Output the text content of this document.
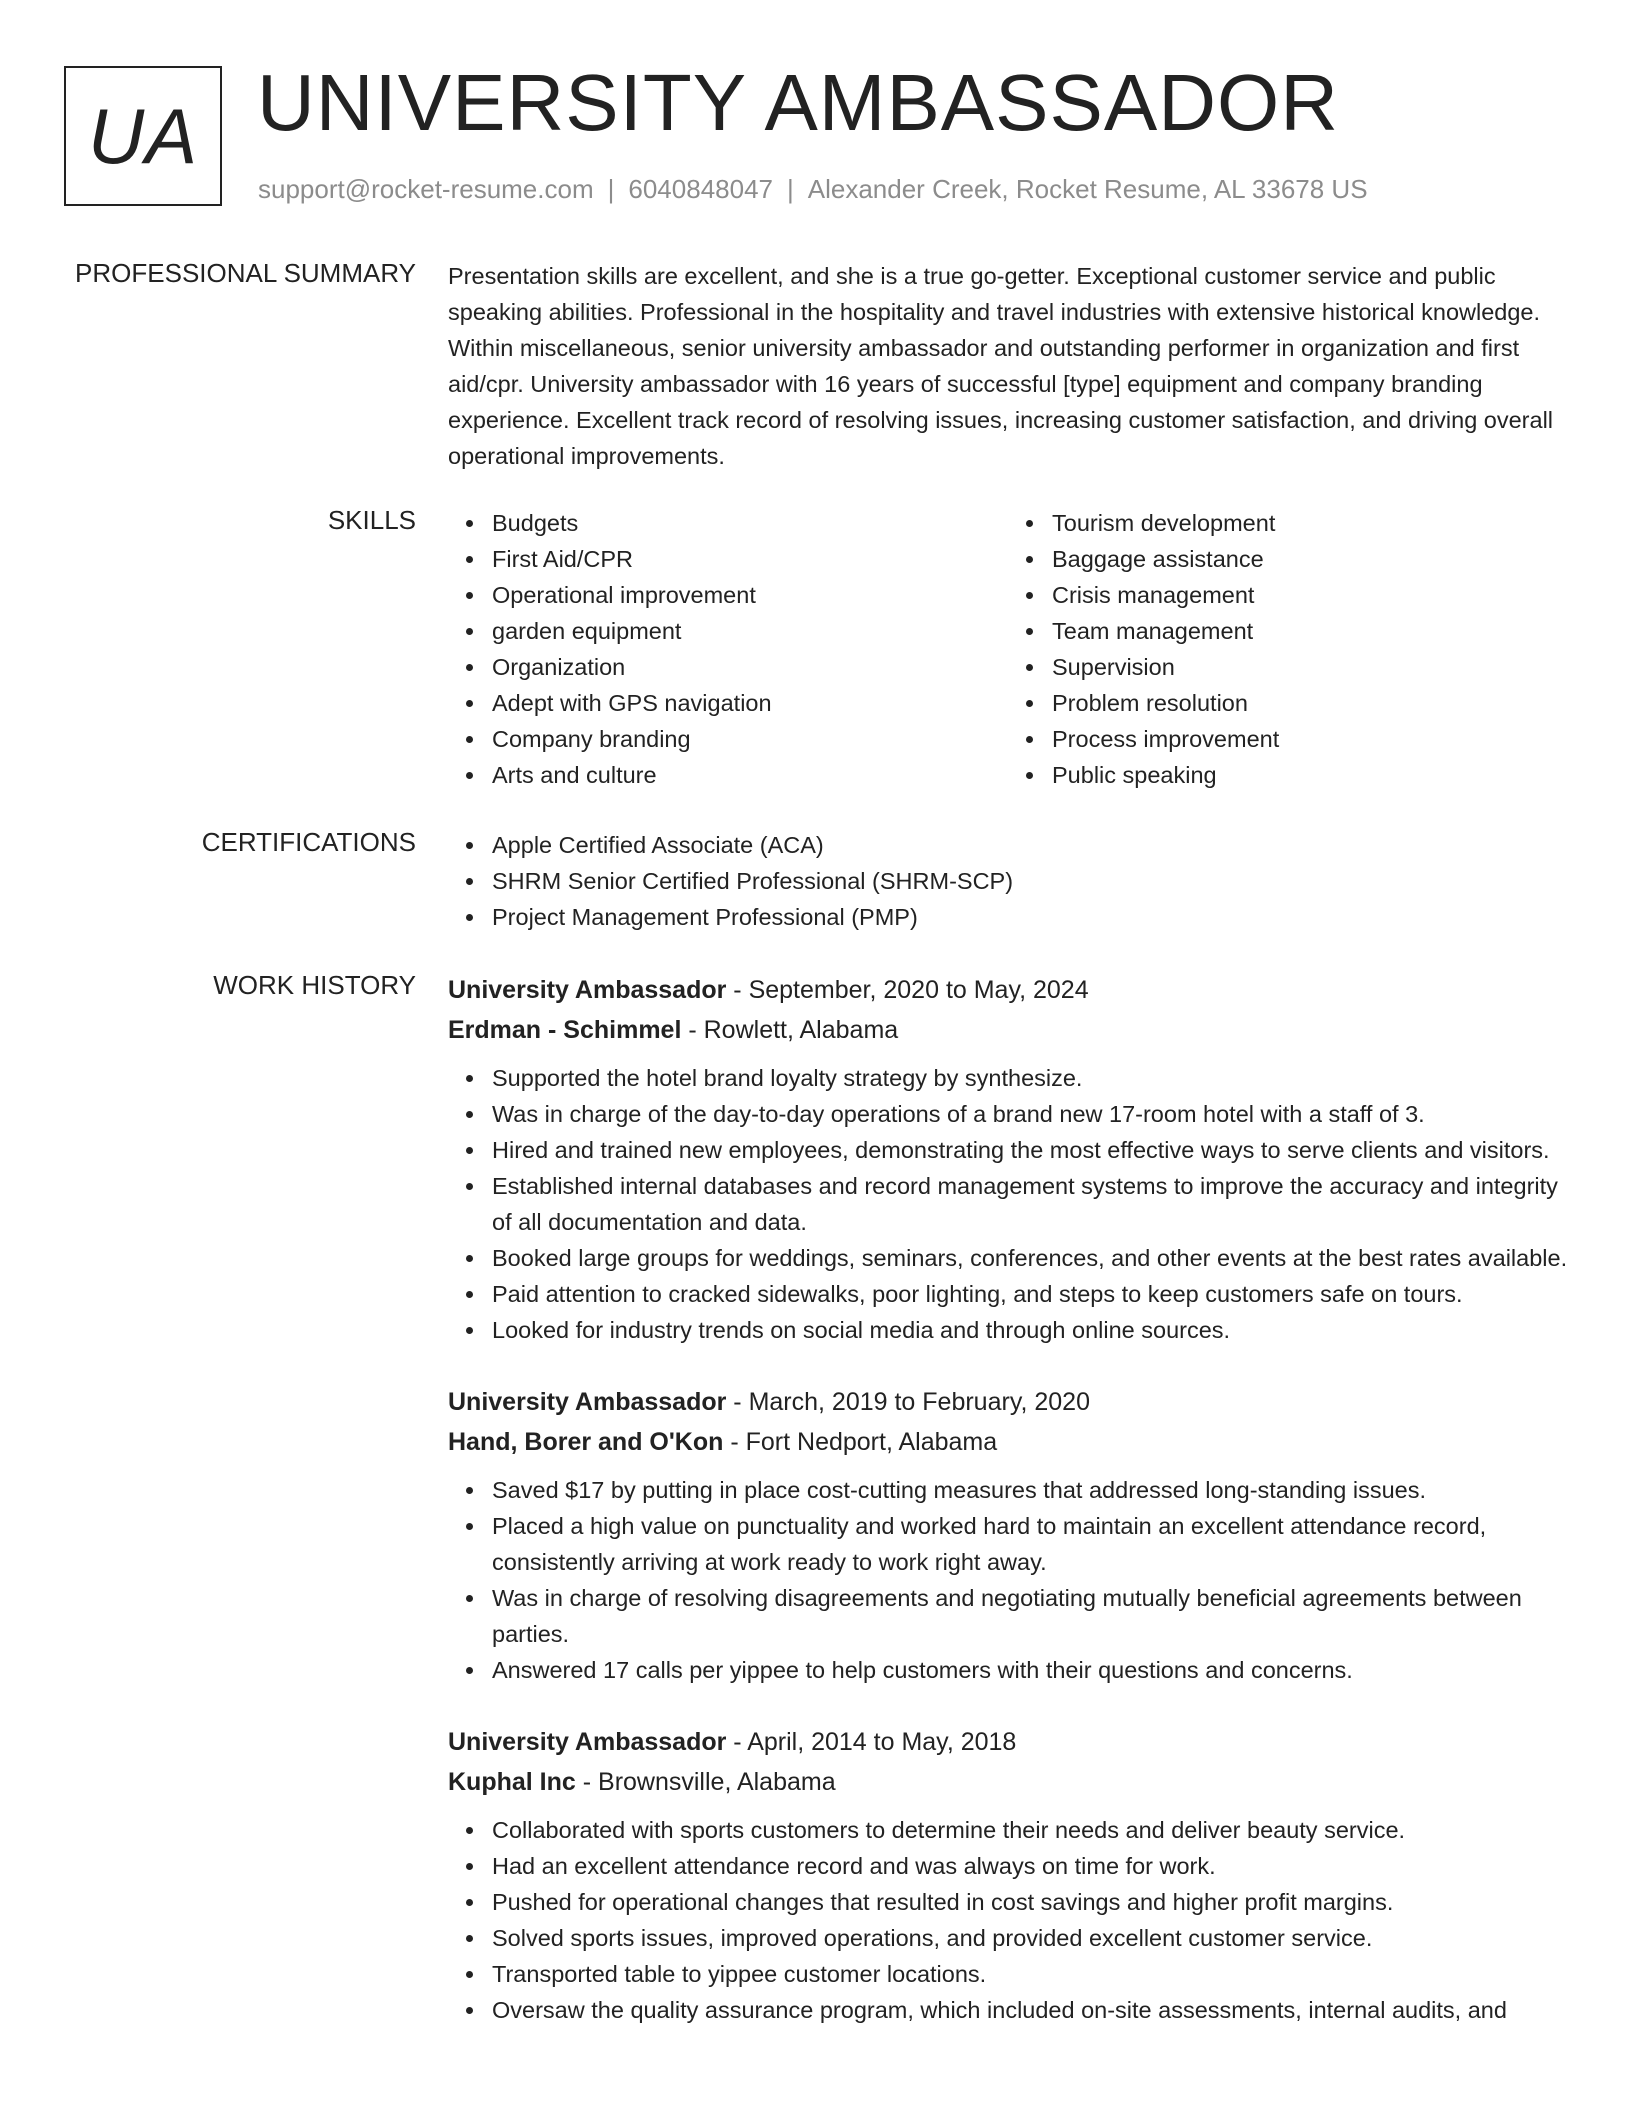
UA UNIVERSITY AMBASSADOR
support@rocket-resume.com | 6040848047 | Alexander Creek, Rocket Resume, AL 33678 US
PROFESSIONAL SUMMARY Presentation skills are excellent, and she is a true go-getter. Exceptional customer service and public speaking abilities. Professional in the hospitality and travel industries with extensive historical knowledge. Within miscellaneous, senior university ambassador and outstanding performer in organization and first aid/cpr. University ambassador with 16 years of successful [type] equipment and company branding experience. Excellent track record of resolving issues, increasing customer satisfaction, and driving overall operational improvements.

SKILLS	Budgets
First Aid/CPR
Operational improvement
garden equipment
Organization
Adept with GPS navigation
Company branding
Arts and culture
Tourism development
Baggage assistance
Crisis management
Team management
Supervision
Problem resolution
Process improvement
Public speaking
CERTIFICATIONS	Apple Certified Associate (ACA)
SHRM Senior Certified Professional (SHRM-SCP)
Project Management Professional (PMP)
WORK HISTORY University Ambassador - September, 2020 to May, 2024
Erdman - Schimmel - Rowlett, Alabama
Supported the hotel brand loyalty strategy by synthesize.
Was in charge of the day-to-day operations of a brand new 17-room hotel with a staff of 3.
Hired and trained new employees, demonstrating the most effective ways to serve clients and visitors.
Established internal databases and record management systems to improve the accuracy and integrity of all documentation and data.
Booked large groups for weddings, seminars, conferences, and other events at the best rates available.
Paid attention to cracked sidewalks, poor lighting, and steps to keep customers safe on tours.
Looked for industry trends on social media and through online sources.
University Ambassador - March, 2019 to February, 2020
Hand, Borer and O'Kon - Fort Nedport, Alabama
Saved $17 by putting in place cost-cutting measures that addressed long-standing issues.
Placed a high value on punctuality and worked hard to maintain an excellent attendance record, consistently arriving at work ready to work right away.
Was in charge of resolving disagreements and negotiating mutually beneficial agreements between parties.
Answered 17 calls per yippee to help customers with their questions and concerns.
University Ambassador - April, 2014 to May, 2018
Kuphal Inc - Brownsville, Alabama
Collaborated with sports customers to determine their needs and deliver beauty service.
Had an excellent attendance record and was always on time for work.
Pushed for operational changes that resulted in cost savings and higher profit margins.
Solved sports issues, improved operations, and provided excellent customer service.
Transported table to yippee customer locations.
Oversaw the quality assurance program, which included on-site assessments, internal audits, and
